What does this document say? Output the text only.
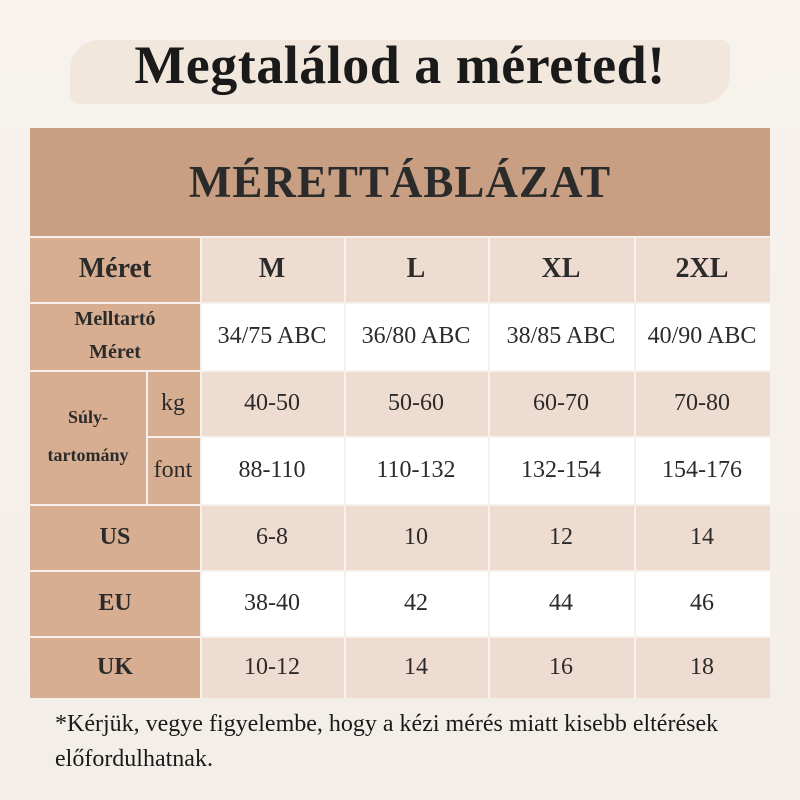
Megtalálod a méreted!
MÉRETTÁBLÁZAT
Méret	M	L	XL	2XL
Melltartó
Méret
34/75 ABC	36/80 ABC	38/85 ABC	40/90 ABC
Súly-
tartomány
kg	40-50	50-60	60-70	70-80
font	88-110	110-132	132-154	154-176
US	6-8	10	12	14
EU	38-40	42	44	46
UK	10-12	14	16	18
*Kérjük, vegye figyelembe, hogy a kézi mérés miatt kisebb eltérések előfordulhatnak.
